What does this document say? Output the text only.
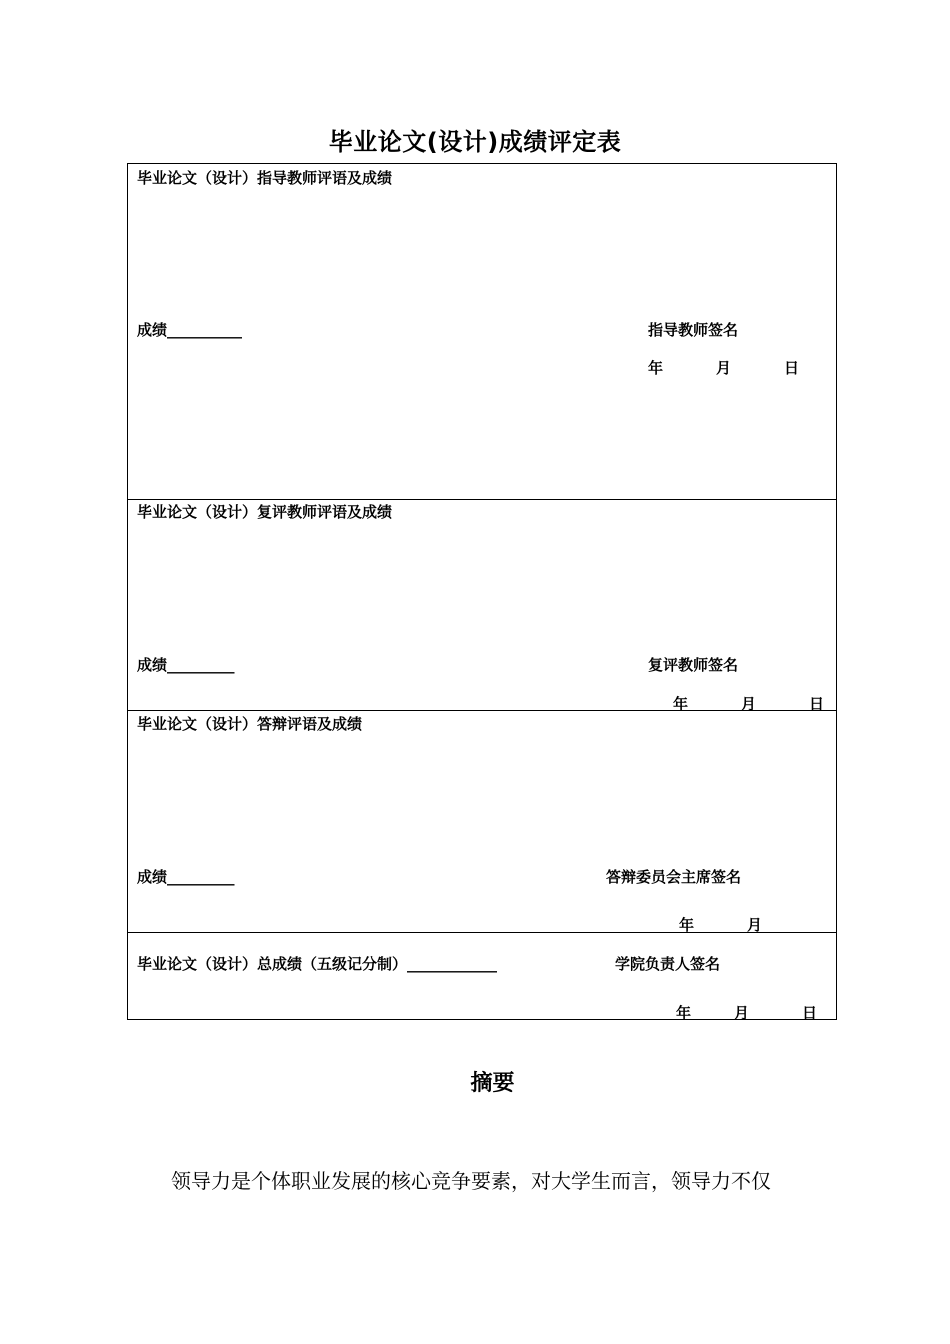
毕业论文(设计)成绩评定表
毕业论文（设计）指导教师评语及成绩
成绩__________	指导教师签名
年	月	日
毕业论文（设计）复评教师评语及成绩
成绩_________	复评教师签名
年	月	日
毕业论文（设计）答辩评语及成绩
成绩_________	答辩委员会主席签名
年	月
毕业论文（设计）总成绩（五级记分制）____________	学院负责人签名
年	月	日
摘要
领导力是个体职业发展的核心竞争要素，对大学生而言，领导力不仅
